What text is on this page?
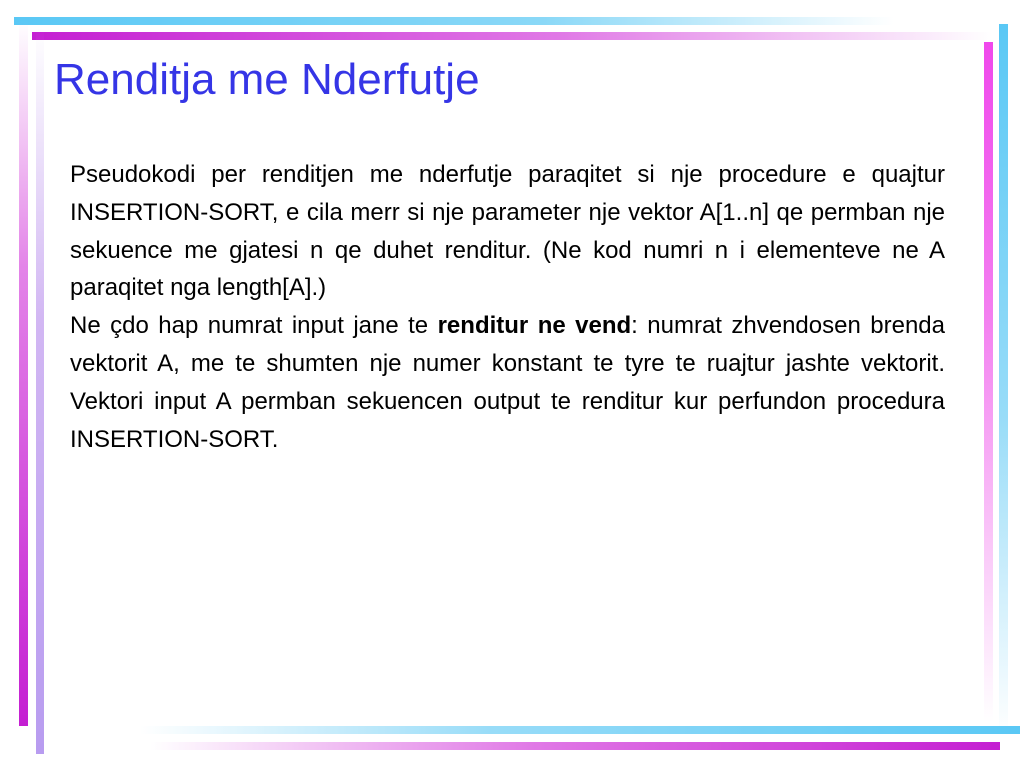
Renditja me Nderfutje

Pseudokodi per renditjen me nderfutje paraqitet si nje procedure e quajtur INSERTION-SORT, e cila merr si nje parameter nje vektor A[1..n] qe permban nje sekuence me gjatesi n qe duhet renditur. (Ne kod numri n i elementeve ne A paraqitet nga length[A].)

Ne çdo hap numrat input jane te renditur ne vend: numrat zhvendosen brenda vektorit A, me te shumten nje numer konstant te tyre te ruajtur jashte vektorit. Vektori input A permban sekuencen output te renditur kur perfundon procedura INSERTION-SORT.
